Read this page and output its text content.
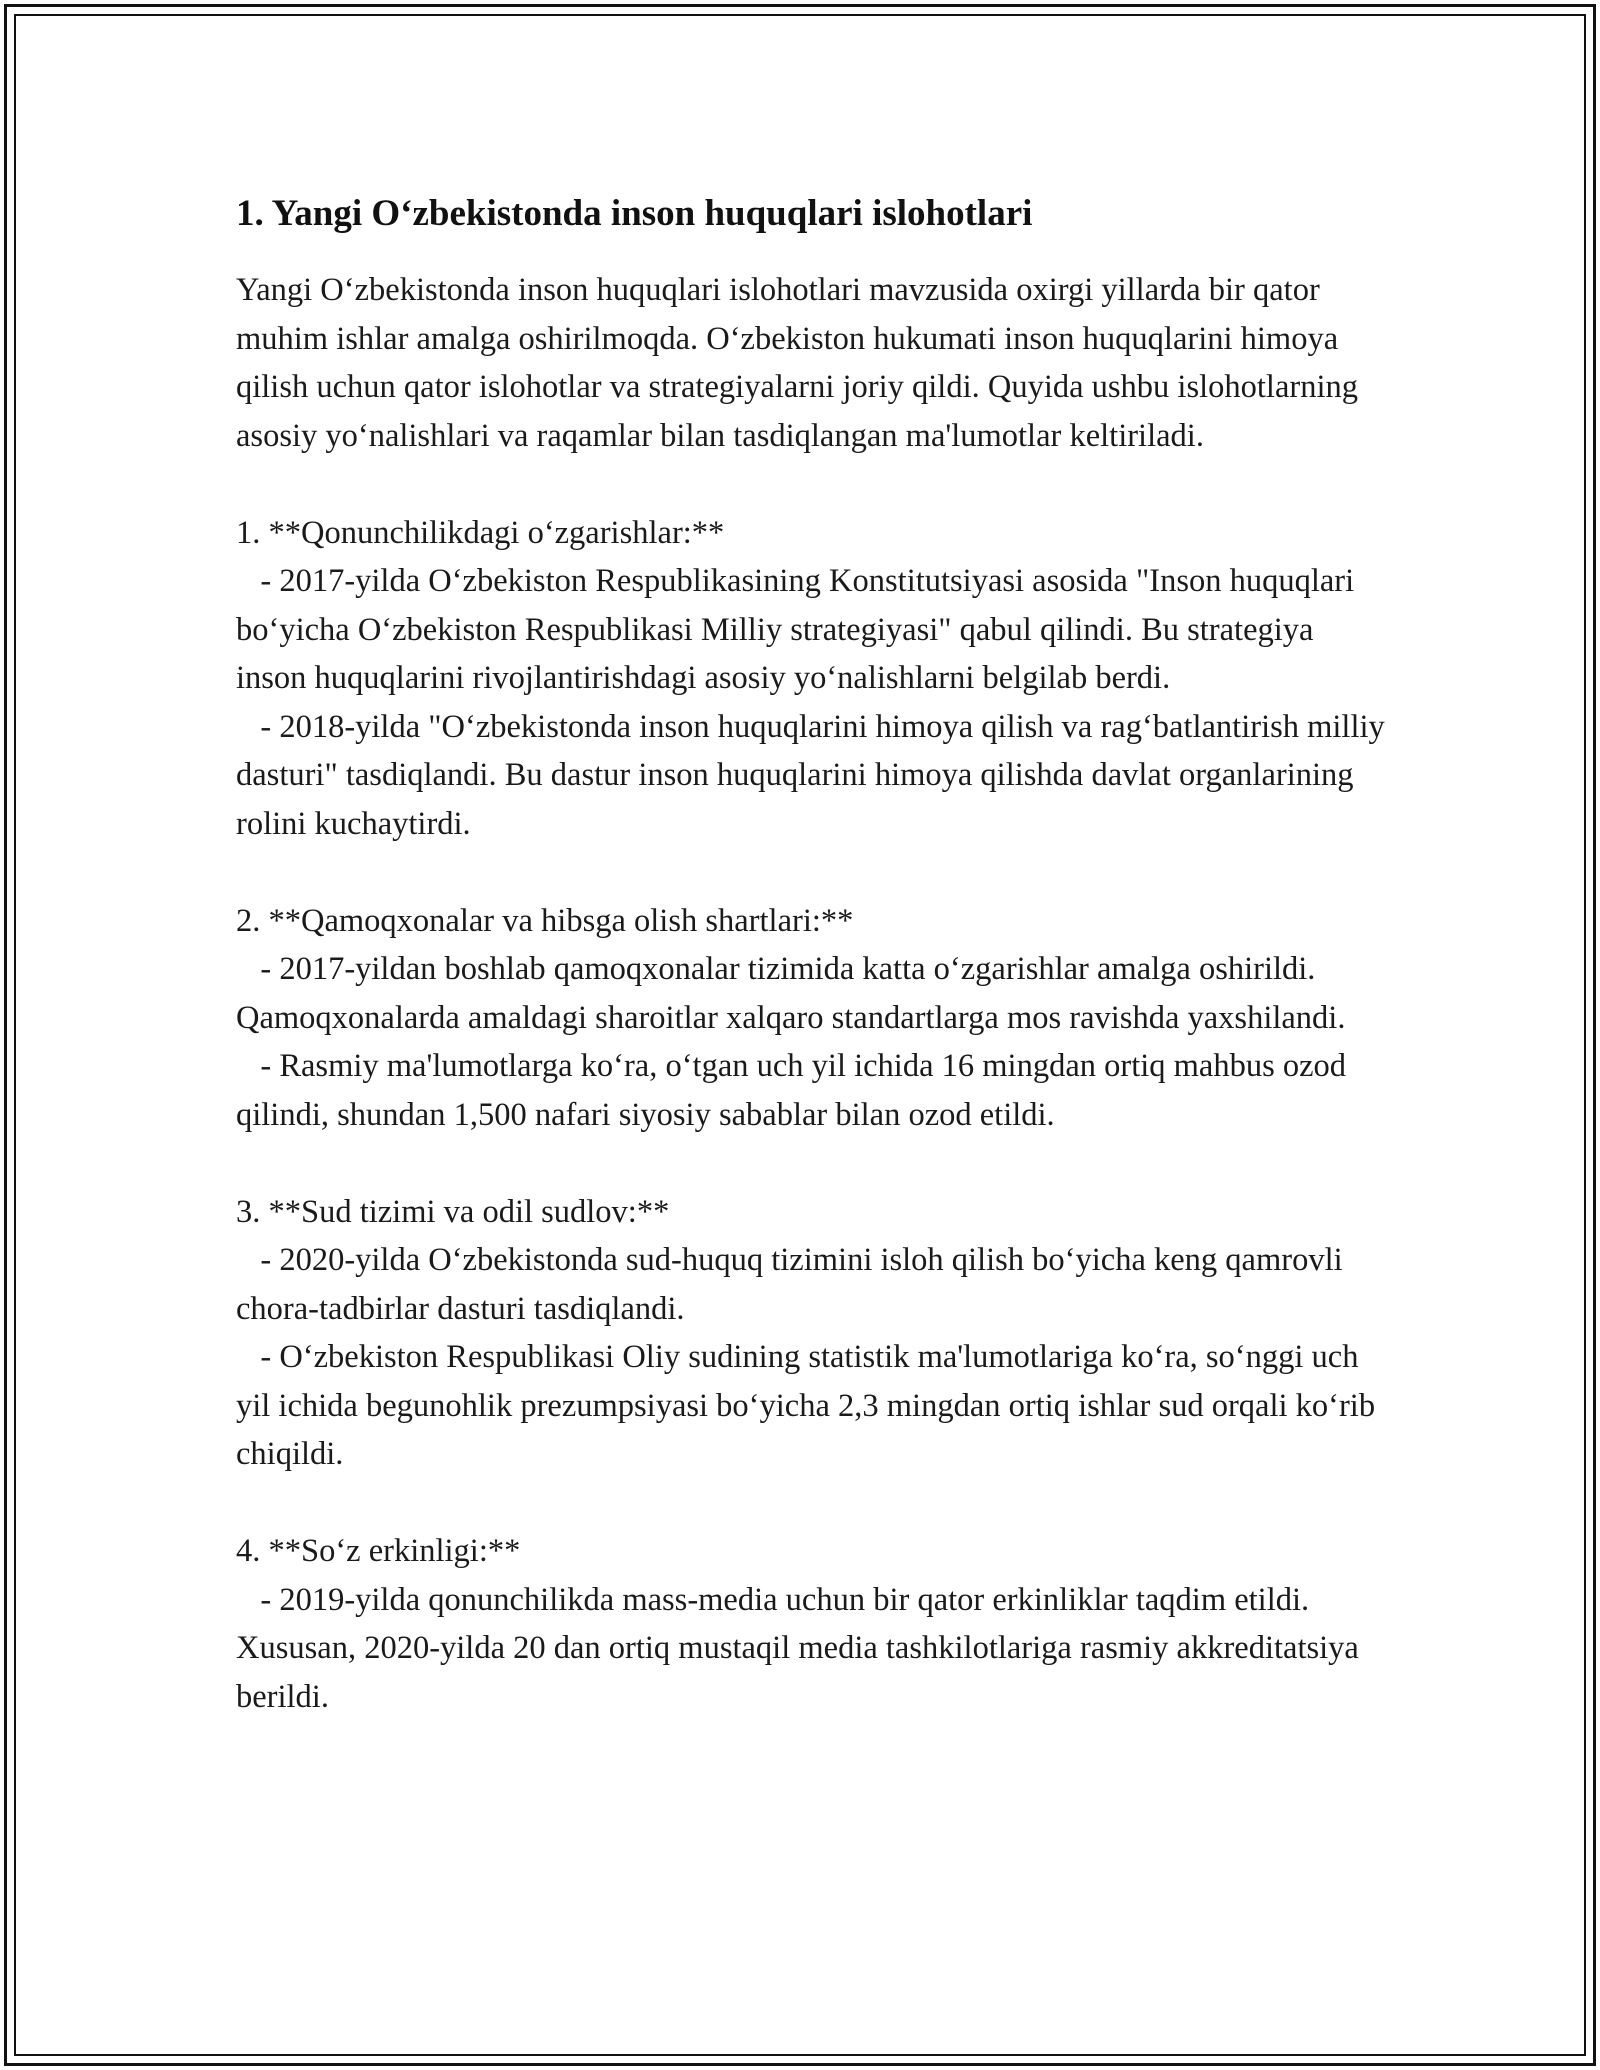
1. Yangi O‘zbekistonda inson huquqlari islohotlari

Yangi O‘zbekistonda inson huquqlari islohotlari mavzusida oxirgi yillarda bir qator muhim ishlar amalga oshirilmoqda. O‘zbekiston hukumati inson huquqlarini himoya qilish uchun qator islohotlar va strategiyalarni joriy qildi. Quyida ushbu islohotlarning asosiy yo‘nalishlari va raqamlar bilan tasdiqlangan ma'lumotlar keltiriladi.

1. **Qonunchilikdagi o‘zgarishlar:**

- 2017-yilda O‘zbekiston Respublikasining Konstitutsiyasi asosida "Inson huquqlari bo‘yicha O‘zbekiston Respublikasi Milliy strategiyasi" qabul qilindi. Bu strategiya inson huquqlarini rivojlantirishdagi asosiy yo‘nalishlarni belgilab berdi.

- 2018-yilda "O‘zbekistonda inson huquqlarini himoya qilish va rag‘batlantirish milliy dasturi" tasdiqlandi. Bu dastur inson huquqlarini himoya qilishda davlat organlarining rolini kuchaytirdi.

2. **Qamoqxonalar va hibsga olish shartlari:**

- 2017-yildan boshlab qamoqxonalar tizimida katta o‘zgarishlar amalga oshirildi. Qamoqxonalarda amaldagi sharoitlar xalqaro standartlarga mos ravishda yaxshilandi.

- Rasmiy ma'lumotlarga ko‘ra, o‘tgan uch yil ichida 16 mingdan ortiq mahbus ozod qilindi, shundan 1,500 nafari siyosiy sabablar bilan ozod etildi.

3. **Sud tizimi va odil sudlov:**

- 2020-yilda O‘zbekistonda sud-huquq tizimini isloh qilish bo‘yicha keng qamrovli chora-tadbirlar dasturi tasdiqlandi.

- O‘zbekiston Respublikasi Oliy sudining statistik ma'lumotlariga ko‘ra, so‘nggi uch yil ichida begunohlik prezumpsiyasi bo‘yicha 2,3 mingdan ortiq ishlar sud orqali ko‘rib chiqildi.

4. **So‘z erkinligi:**

- 2019-yilda qonunchilikda mass-media uchun bir qator erkinliklar taqdim etildi. Xususan, 2020-yilda 20 dan ortiq mustaqil media tashkilotlariga rasmiy akkreditatsiya berildi.
